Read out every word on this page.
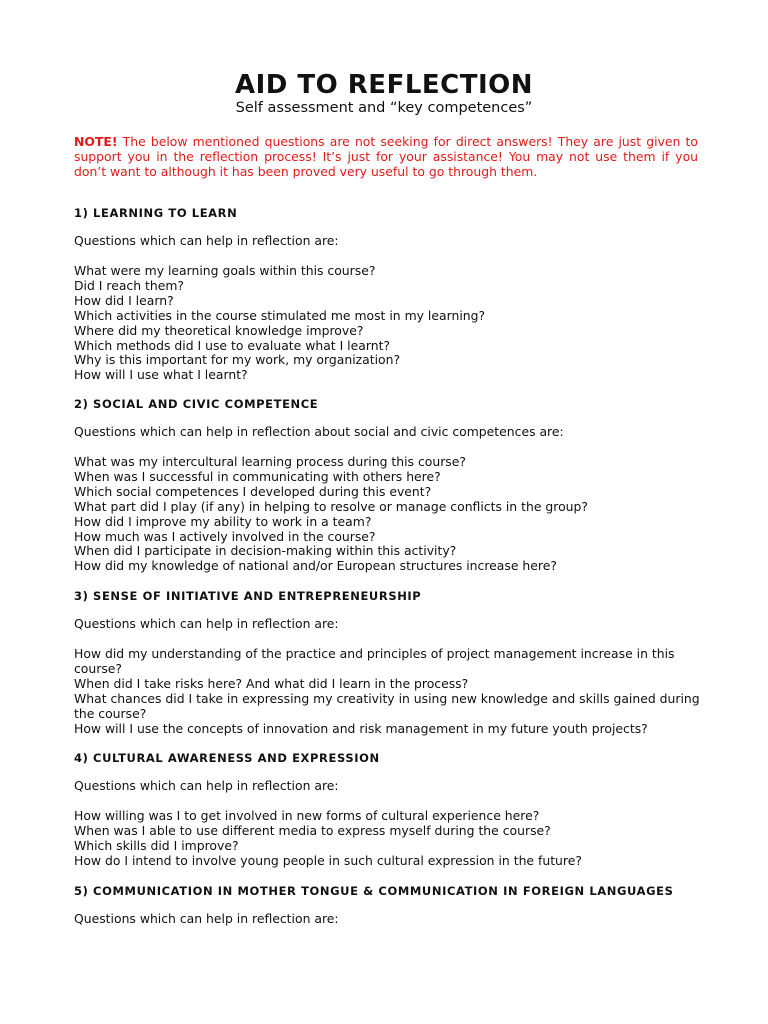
AID TO REFLECTION

Self assessment and “key competences”

NOTE! The below mentioned questions are not seeking for direct answers! They are just given to support you in the reflection process! It’s just for your assistance! You may not use them if you don’t want to although it has been proved very useful to go through them.

1) LEARNING TO LEARN

Questions which can help in reflection are:

What were my learning goals within this course?
Did I reach them?
How did I learn?
Which activities in the course stimulated me most in my learning?
Where did my theoretical knowledge improve?
Which methods did I use to evaluate what I learnt?
Why is this important for my work, my organization?
How will I use what I learnt?

2) SOCIAL AND CIVIC COMPETENCE

Questions which can help in reflection about social and civic competences are:

What was my intercultural learning process during this course?
When was I successful in communicating with others here?
Which social competences I developed during this event?
What part did I play (if any) in helping to resolve or manage conflicts in the group?
How did I improve my ability to work in a team?
How much was I actively involved in the course?
When did I participate in decision-making within this activity?
How did my knowledge of national and/or European structures increase here?

3) SENSE OF INITIATIVE AND ENTREPRENEURSHIP

Questions which can help in reflection are:

How did my understanding of the practice and principles of project management increase in this course?
When did I take risks here? And what did I learn in the process?
What chances did I take in expressing my creativity in using new knowledge and skills gained during the course?
How will I use the concepts of innovation and risk management in my future youth projects?

4) CULTURAL AWARENESS AND EXPRESSION

Questions which can help in reflection are:

How willing was I to get involved in new forms of cultural experience here?
When was I able to use different media to express myself during the course?
Which skills did I improve?
How do I intend to involve young people in such cultural expression in the future?

5) COMMUNICATION IN MOTHER TONGUE & COMMUNICATION IN FOREIGN LANGUAGES

Questions which can help in reflection are:
